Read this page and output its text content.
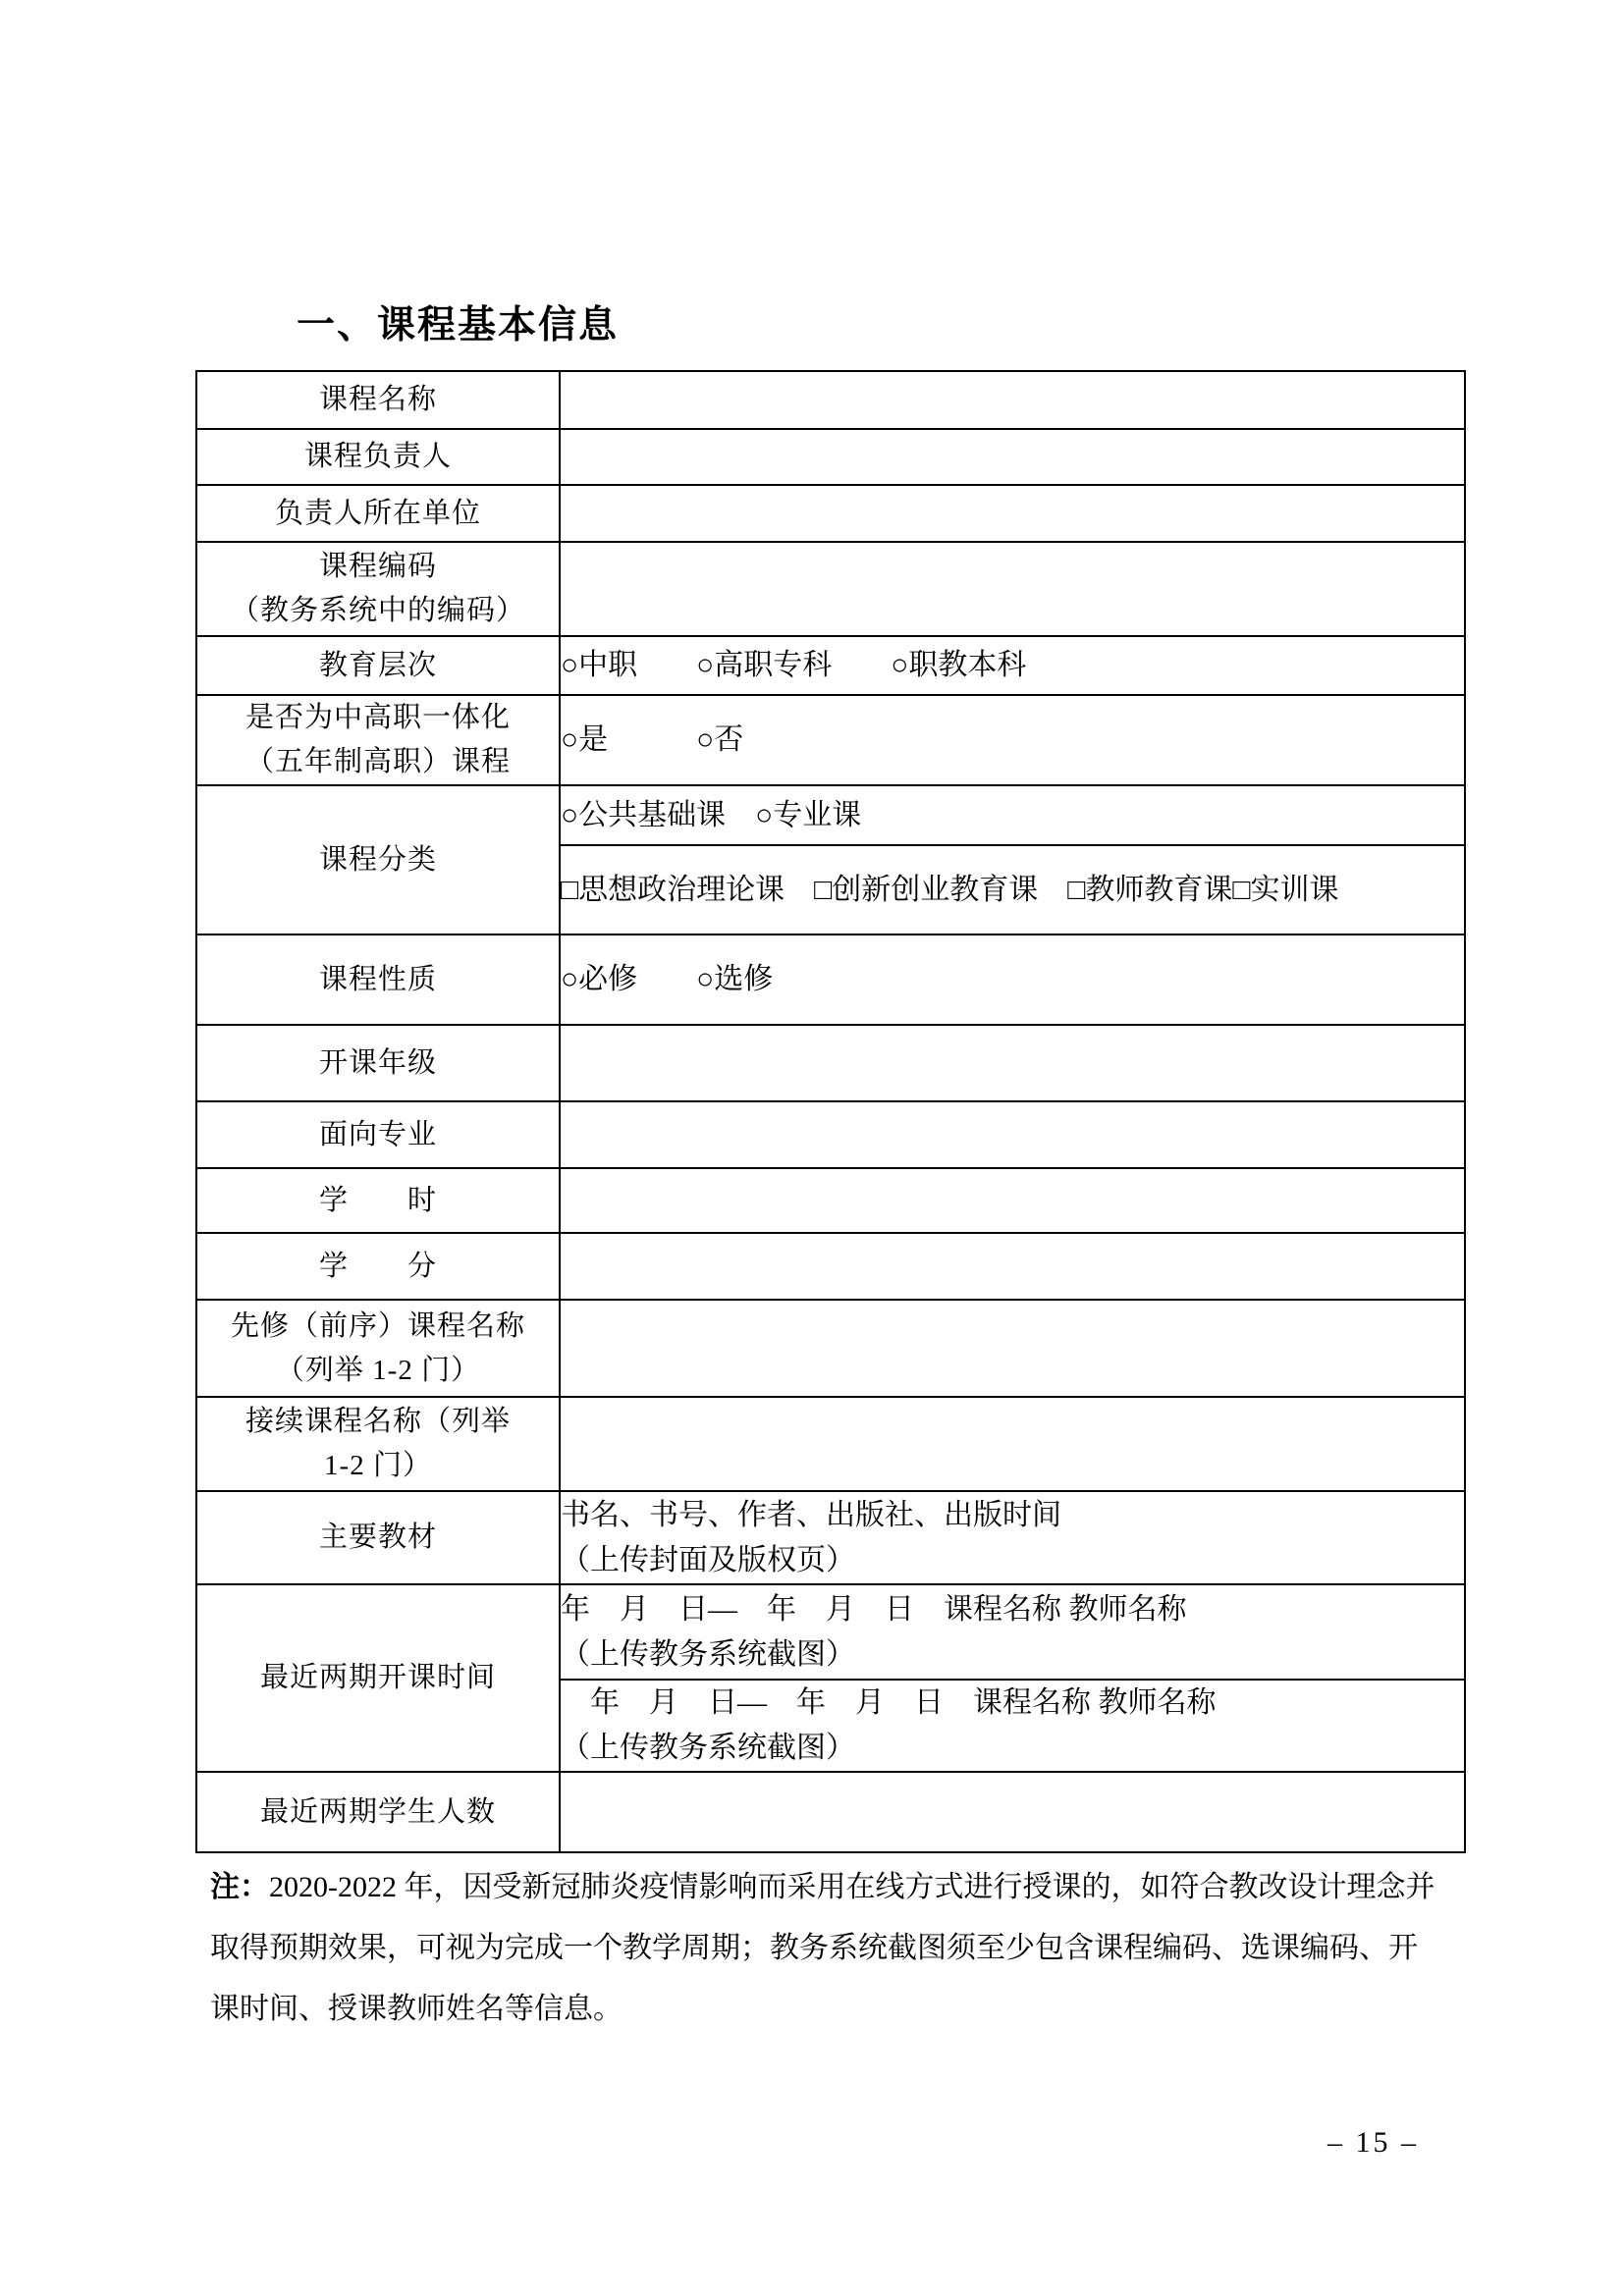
一、课程基本信息
课程名称	

课程负责人	

负责人所在单位	

课程编码
（教务系统中的编码）	

教育层次	○中职　　○高职专科　　○职教本科

是否为中高职一体化
（五年制高职）课程	○是　　　○否

课程分类	○公共基础课　○专业课

	□思想政治理论课　□创新创业教育课　□教师教育课□实训课

课程性质	○必修　　○选修

开课年级	

面向专业	

学　　时	

学　　分	

先修（前序）课程名称
（列举 1-2 门）	

接续课程名称（列举
1-2 门）	

主要教材	书名、书号、作者、出版社、出版时间
（上传封面及版权页）

最近两期开课时间	年　月　日—　年　月　日　课程名称 教师名称
（上传教务系统截图）

	　年　月　日—　年　月　日　课程名称 教师名称
（上传教务系统截图）

最近两期学生人数	

注：2020-2022 年，因受新冠肺炎疫情影响而采用在线方式进行授课的，如符合教改设计理念并
取得预期效果，可视为完成一个教学周期；教务系统截图须至少包含课程编码、选课编码、开
课时间、授课教师姓名等信息。
– 15 –
